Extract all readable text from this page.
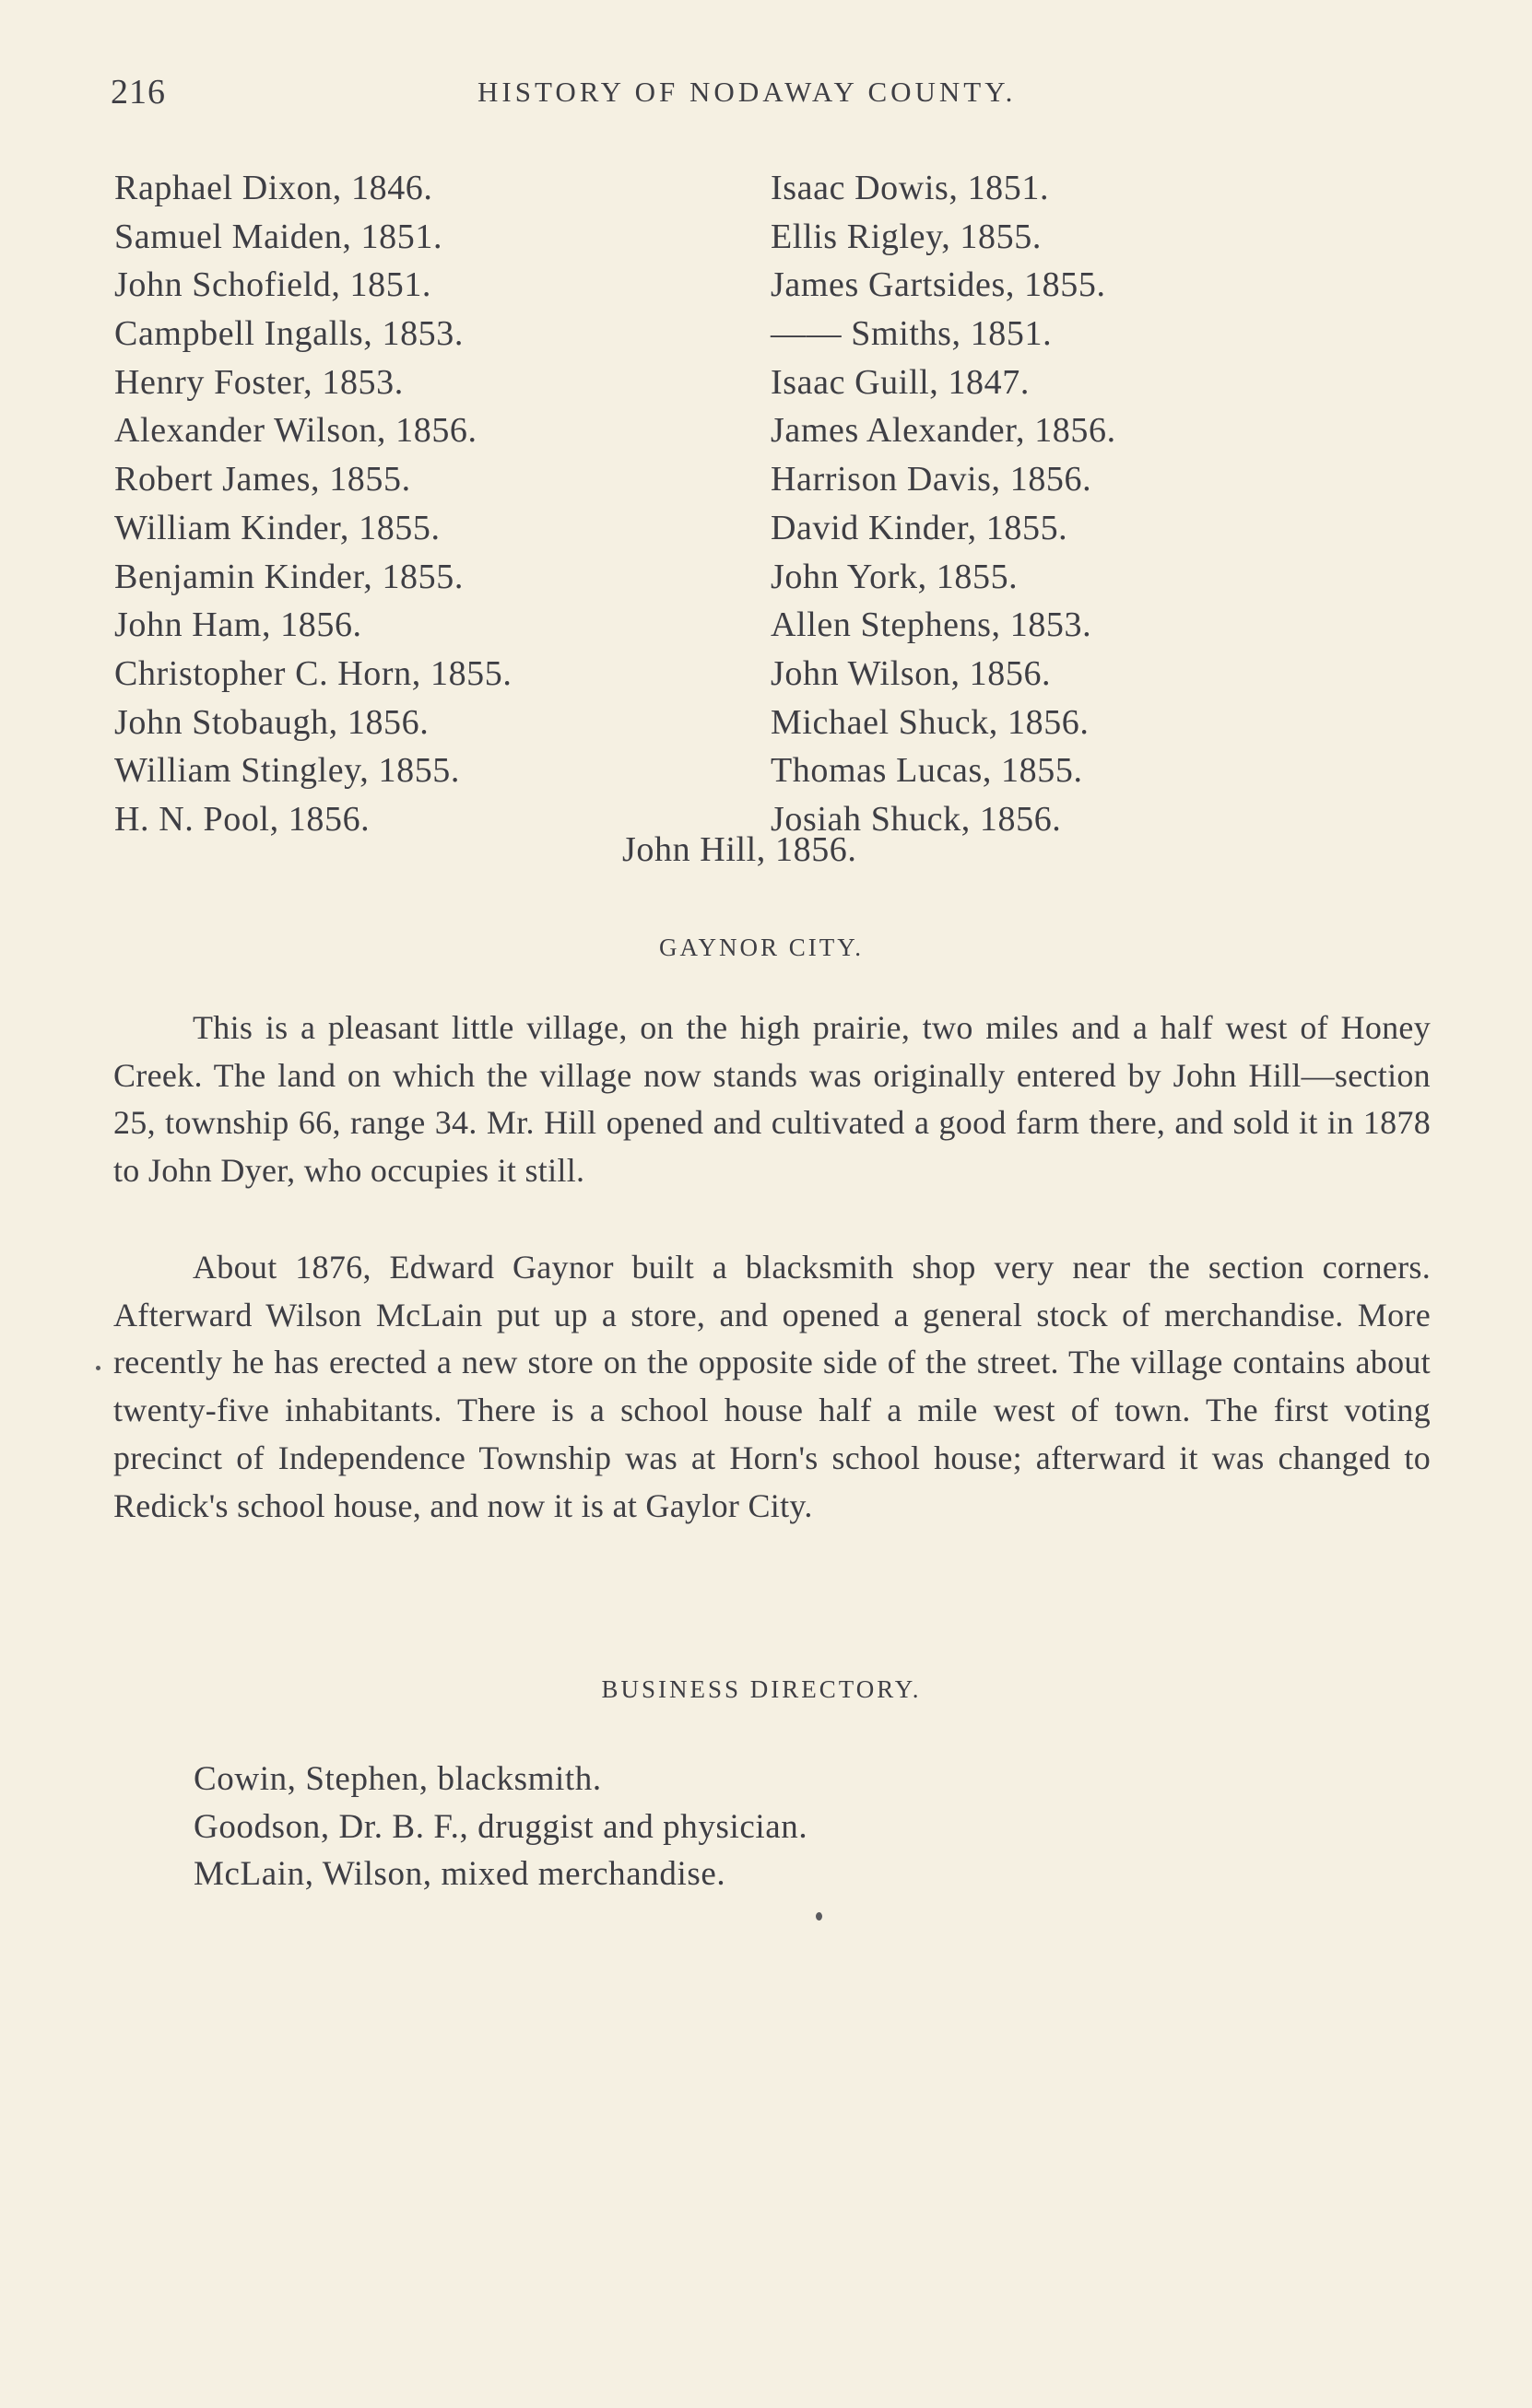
216	HISTORY OF NODAWAY COUNTY.
Raphael Dixon, 1846.
Samuel Maiden, 1851.
John Schofield, 1851.
Campbell Ingalls, 1853.
Henry Foster, 1853.
Alexander Wilson, 1856.
Robert James, 1855.
William Kinder, 1855.
Benjamin Kinder, 1855.
John Ham, 1856.
Christopher C. Horn, 1855.
John Stobaugh, 1856.
William Stingley, 1855.
H. N. Pool, 1856.
Isaac Dowis, 1851.
Ellis Rigley, 1855.
James Gartsides, 1855.
—— Smiths, 1851.
Isaac Guill, 1847.
James Alexander, 1856.
Harrison Davis, 1856.
David Kinder, 1855.
John York, 1855.
Allen Stephens, 1853.
John Wilson, 1856.
Michael Shuck, 1856.
Thomas Lucas, 1855.
Josiah Shuck, 1856.
John Hill, 1856.
GAYNOR CITY.

This is a pleasant little village, on the high prairie, two miles and a half west of Honey Creek. The land on which the village now stands was originally entered by John Hill—section 25, township 66, range 34. Mr. Hill opened and cultivated a good farm there, and sold it in 1878 to John Dyer, who occupies it still.

About 1876, Edward Gaynor built a blacksmith shop very near the section corners. Afterward Wilson McLain put up a store, and opened a general stock of merchandise. More recently he has erected a new store on the opposite side of the street. The village contains about twenty-five inhabitants. There is a school house half a mile west of town. The first voting precinct of Independence Township was at Horn's school house; afterward it was changed to Redick's school house, and now it is at Gaylor City.

BUSINESS DIRECTORY.
Cowin, Stephen, blacksmith.
Goodson, Dr. B. F., druggist and physician.
McLain, Wilson, mixed merchandise.
